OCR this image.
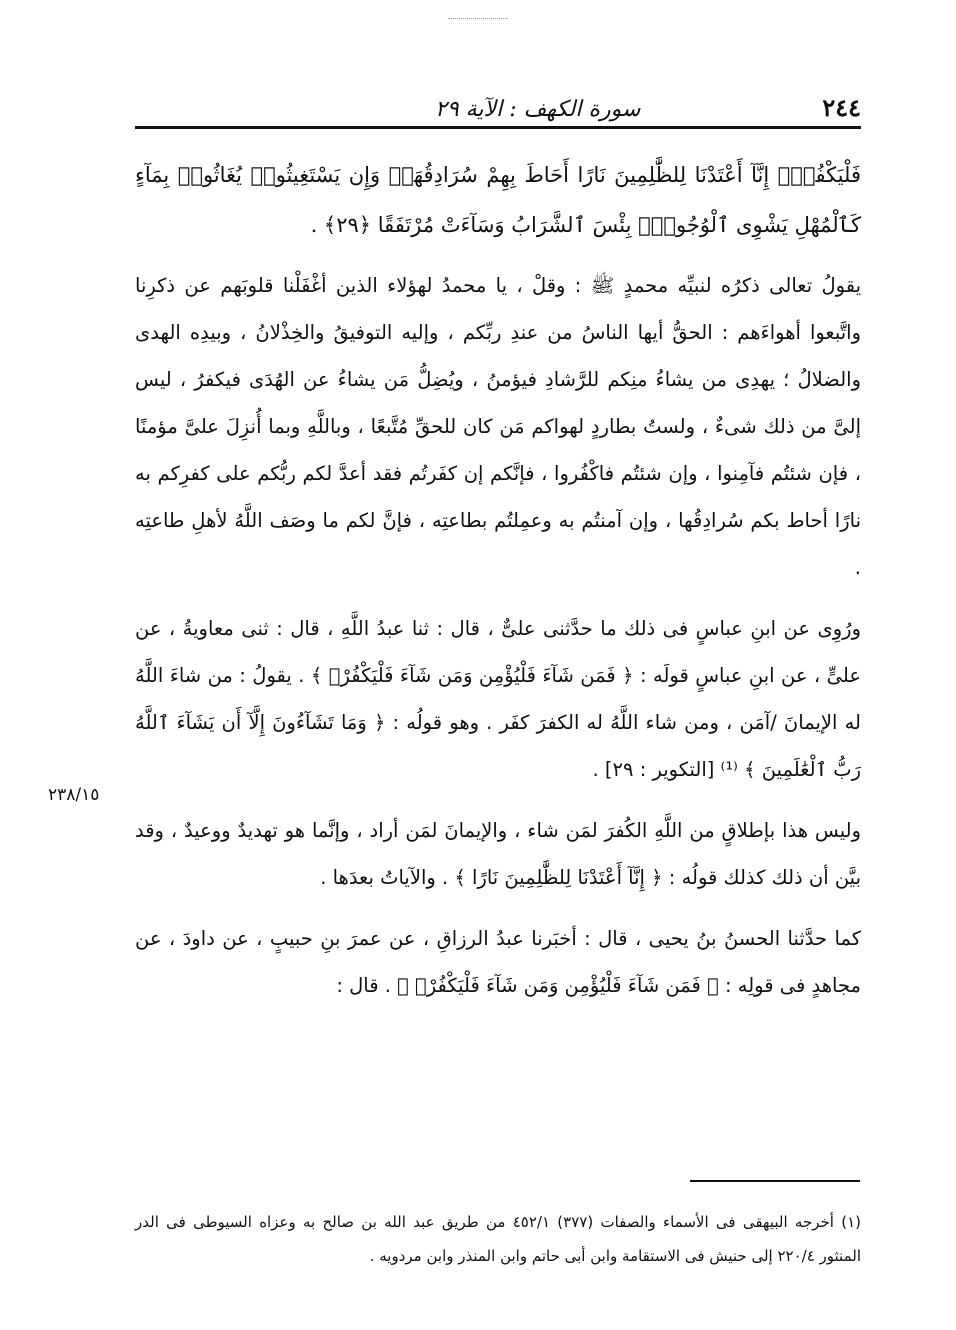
٢٤٤
سورة الكهف : الآية ٢٩

فَلْيَكْفُرْۚ إِنَّآ أَعْتَدْنَا لِلظَّٰلِمِينَ نَارًا أَحَاطَ بِهِمْ سُرَادِقُهَاۚ وَإِن يَسْتَغِيثُوا۟ يُغَاثُوا۟ بِمَآءٍ كَٱلْمُهْلِ يَشْوِى ٱلْوُجُوهَۚ بِئْسَ ٱلشَّرَابُ وَسَآءَتْ مُرْتَفَقًا ﴿٢٩﴾ .

يقولُ تعالى ذكرُه لنبيِّه محمدٍ ﷺ : وقلْ ، يا محمدُ لهؤلاء الذين أغْفَلْنا قلوبَهم عن ذكرِنا واتَّبعوا أهواءَهم : الحقُّ أيها الناسُ من عندِ ربِّكم ، وإليه التوفيقُ والخِذْلانُ ، وبيدِه الهدى والضلالُ ؛ يهدِى من يشاءُ منِكم للرَّشادِ فيؤمنُ ، ويُضِلُّ مَن يشاءُ عن الهُدَى فيكفرُ ، ليس إلىَّ من ذلك شىءٌ ، ولستُ بطاردٍ لهواكم مَن كان للحقِّ مُتَّبعًا ، وباللَّهِ وبما أُنزِلَ علىَّ مؤمنًا ، فإن شئتُم فآمِنوا ، وإن شئتُم فاكْفُروا ، فإنَّكم إن كفَرتُم فقد أعدَّ لكم ربُّكم على كفرِكم به نارًا أحاط بكم سُرادِقُها ، وإن آمنتُم به وعمِلتُم بطاعتِه ، فإنَّ لكم ما وصَف اللَّهُ لأهلِ طاعتِه .

ورُوِى عن ابنِ عباسٍ فى ذلك ما حدَّثنى علىٌّ ، قال : ثنا عبدُ اللَّهِ ، قال : ثنى معاويةُ ، عن علىٍّ ، عن ابنِ عباسٍ قولَه : ﴿ فَمَن شَآءَ فَلْيُؤْمِن وَمَن شَآءَ فَلْيَكْفُرْۚ ﴾ . يقولُ : من شاءَ اللَّهُ له الإيمانَ /آمَن ، ومن شاء اللَّهُ له الكفرَ كفَر . وهو قولُه : ﴿ وَمَا تَشَآءُونَ إِلَّآ أَن يَشَآءَ ٱللَّهُ رَبُّ ٱلْعَٰلَمِينَ ﴾ ⁽¹⁾ [التكوير : ٢٩] .

وليس هذا بإطلاقٍ من اللَّهِ الكُفرَ لمَن شاء ، والإيمانَ لمَن أراد ، وإنَّما هو تهديدٌ ووعيدٌ ، وقد بيَّن أن ذلك كذلك قولُه : ﴿ إِنَّآ أَعْتَدْنَا لِلظَّٰلِمِينَ نَارًا ﴾ . والآياتُ بعدَها .

كما حدَّثنا الحسنُ بنُ يحيى ، قال : أخبَرنا عبدُ الرزاقِ ، عن عمرَ بنِ حبيبٍ ، عن داودَ ، عن مجاهدٍ فى قولِه : ﴿ فَمَن شَآءَ فَلْيُؤْمِن وَمَن شَآءَ فَلْيَكْفُرْۚ ﴾ . قال :

٢٣٨/١٥
(١) أخرجه البيهقى فى الأسماء والصفات (٣٧٧) ٤٥٢/١ من طريق عبد الله بن صالح به وعزاه السيوطى فى الدر المنثور ٢٢٠/٤ إلى حنيش فى الاستقامة وابن أبى حاتم وابن المنذر وابن مردويه .
